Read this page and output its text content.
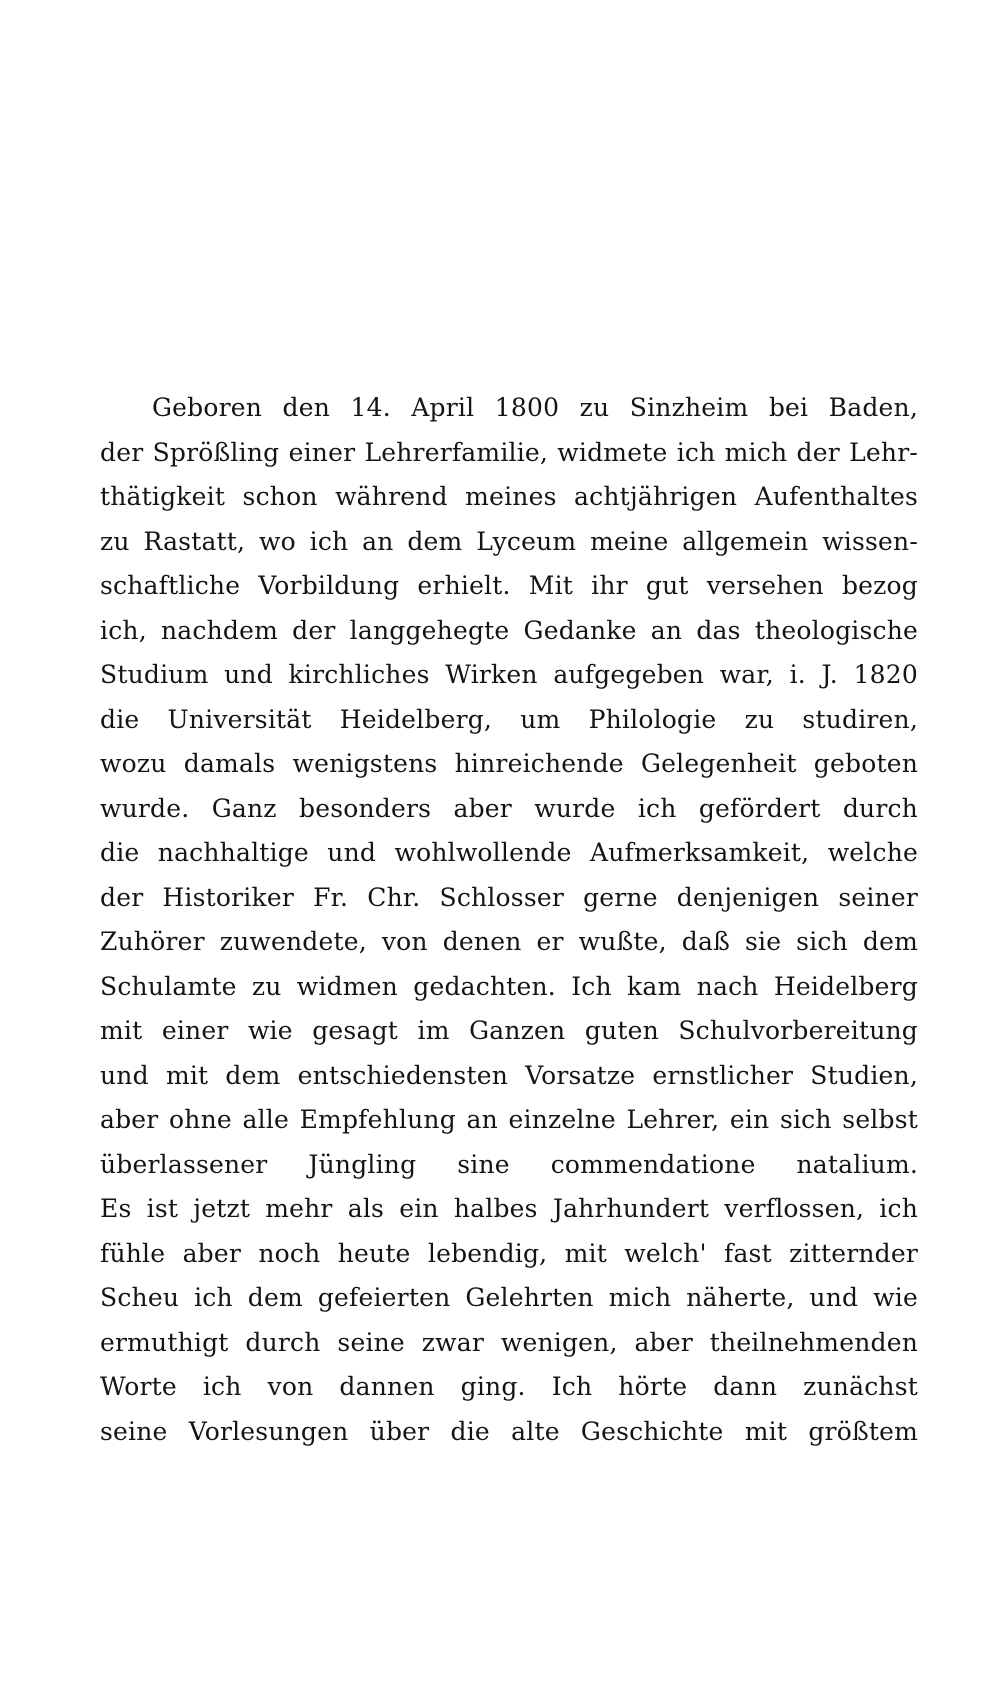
Geboren den 14. April 1800 zu Sinzheim bei Baden,
der Sprößling einer Lehrerfamilie, widmete ich mich der Lehr-
thätigkeit schon während meines achtjährigen Aufenthaltes
zu Rastatt, wo ich an dem Lyceum meine allgemein wissen-
schaftliche Vorbildung erhielt. Mit ihr gut versehen bezog
ich, nachdem der langgehegte Gedanke an das theologische
Studium und kirchliches Wirken aufgegeben war, i. J. 1820
die Universität Heidelberg, um Philologie zu studiren,
wozu damals wenigstens hinreichende Gelegenheit geboten
wurde. Ganz besonders aber wurde ich gefördert durch
die nachhaltige und wohlwollende Aufmerksamkeit, welche
der Historiker Fr. Chr. Schlosser gerne denjenigen seiner
Zuhörer zuwendete, von denen er wußte, daß sie sich dem
Schulamte zu widmen gedachten. Ich kam nach Heidelberg
mit einer wie gesagt im Ganzen guten Schulvorbereitung
und mit dem entschiedensten Vorsatze ernstlicher Studien,
aber ohne alle Empfehlung an einzelne Lehrer, ein sich selbst
überlassener Jüngling sine commendatione natalium.
Es ist jetzt mehr als ein halbes Jahrhundert verflossen, ich
fühle aber noch heute lebendig, mit welch' fast zitternder
Scheu ich dem gefeierten Gelehrten mich näherte, und wie
ermuthigt durch seine zwar wenigen, aber theilnehmenden
Worte ich von dannen ging. Ich hörte dann zunächst
seine Vorlesungen über die alte Geschichte mit größtem
